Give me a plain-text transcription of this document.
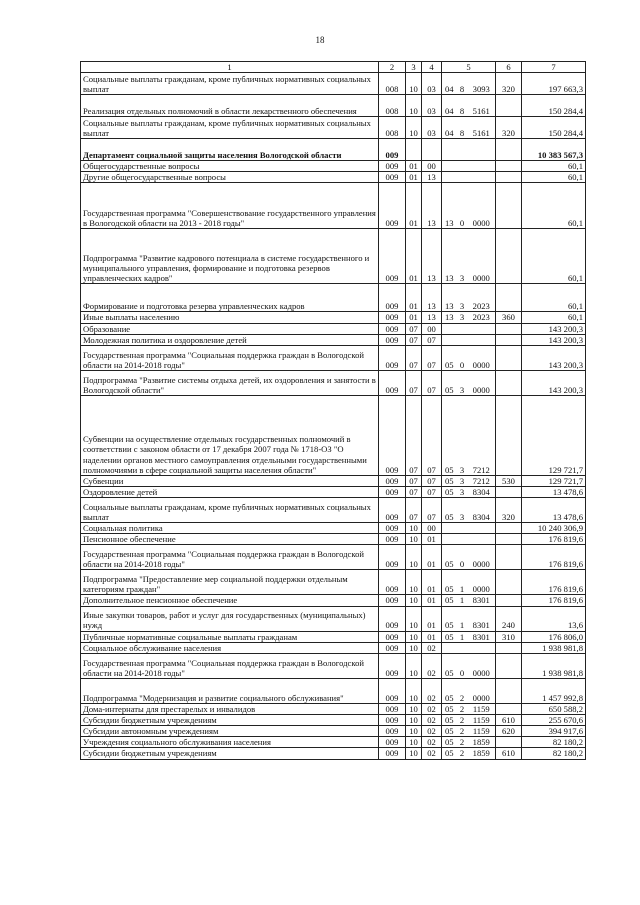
18
1	2	3	4	5			6	7
Социальные выплаты гражданам, кроме публичных нормативных социальных выплат	008	10	03	04	8	3093	320	197 663,3
Реализация отдельных полномочий в области лекарственного обеспечения	008	10	03	04	8	5161		150 284,4
Социальные выплаты гражданам, кроме публичных нормативных социальных выплат	008	10	03	04	8	5161	320	150 284,4
Департамент социальной защиты населения Вологодской области	009							10 383 567,3
Общегосударственные вопросы	009	01	00					60,1
Другие общегосударственные вопросы	009	01	13					60,1
Государственная программа "Совершенствование государственного управления в Вологодской области на 2013 - 2018 годы"	009	01	13	13	0	0000		60,1
Подпрограмма "Развитие кадрового потенциала в системе государственного и муниципального управления, формирование и подготовка резервов управленческих кадров"	009	01	13	13	3	0000		60,1
Формирование и подготовка резерва управленческих кадров	009	01	13	13	3	2023		60,1
Иные выплаты населению	009	01	13	13	3	2023	360	60,1
Образование	009	07	00					143 200,3
Молодежная политика и оздоровление детей	009	07	07					143 200,3
Государственная программа "Социальная поддержка граждан в Вологодской области на 2014-2018 годы"	009	07	07	05	0	0000		143 200,3
Подпрограмма "Развитие системы отдыха детей, их оздоровления и занятости в Вологодской области"	009	07	07	05	3	0000		143 200,3
Субвенции на осуществление отдельных государственных полномочий в соответствии с законом области от 17 декабря 2007 года № 1718-ОЗ "О наделении органов местного самоуправления отдельными государственными полномочиями в сфере социальной защиты населения области"	009	07	07	05	3	7212		129 721,7
Субвенции	009	07	07	05	3	7212	530	129 721,7
Оздоровление детей	009	07	07	05	3	8304		13 478,6
Социальные выплаты гражданам, кроме публичных нормативных социальных выплат	009	07	07	05	3	8304	320	13 478,6
Социальная политика	009	10	00					10 240 306,9
Пенсионное обеспечение	009	10	01					176 819,6
Государственная программа "Социальная поддержка граждан в Вологодской области на 2014-2018 годы"	009	10	01	05	0	0000		176 819,6
Подпрограмма "Предоставление мер социальной поддержки отдельным категориям граждан"	009	10	01	05	1	0000		176 819,6
Дополнительное пенсионное обеспечение	009	10	01	05	1	8301		176 819,6
Иные закупки товаров, работ и услуг для государственных (муниципальных) нужд	009	10	01	05	1	8301	240	13,6
Публичные нормативные социальные выплаты гражданам	009	10	01	05	1	8301	310	176 806,0
Социальное обслуживание населения	009	10	02					1 938 981,8
Государственная программа "Социальная поддержка граждан в Вологодской области на 2014-2018 годы"	009	10	02	05	0	0000		1 938 981,8
Подпрограмма "Модернизация и развитие социального обслуживания"	009	10	02	05	2	0000		1 457 992,8
Дома-интернаты для престарелых и инвалидов	009	10	02	05	2	1159		650 588,2
Субсидии бюджетным учреждениям	009	10	02	05	2	1159	610	255 670,6
Субсидии автономным учреждениям	009	10	02	05	2	1159	620	394 917,6
Учреждения социального обслуживания населения	009	10	02	05	2	1859		82 180,2
Субсидии бюджетным учреждениям	009	10	02	05	2	1859	610	82 180,2
